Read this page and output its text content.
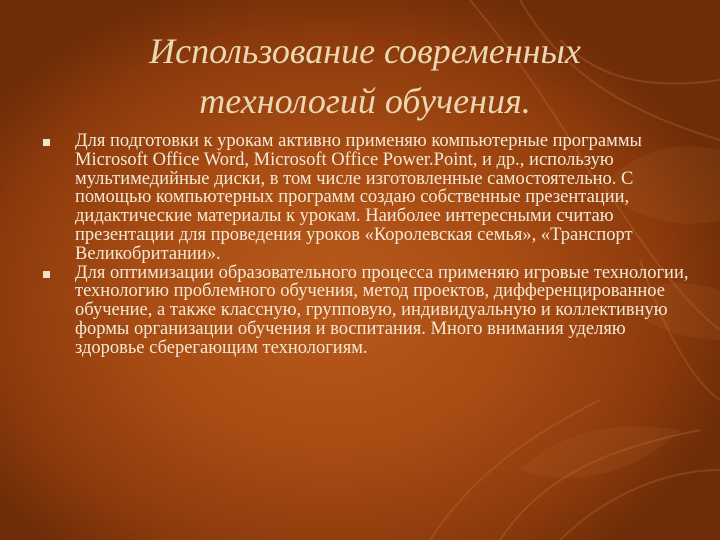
Использование современных
технологий обучения.
Для подготовки к урокам активно применяю компьютерные программы Microsoft Office Word, Microsoft Office Power.Point, и др., использую мультимедийные диски, в том числе изготовленные самостоятельно. С помощью компьютерных программ создаю собственные презентации, дидактические материалы к урокам. Наиболее интересными считаю презентации для проведения уроков «Королевская семья», «Транспорт Великобритании».
Для оптимизации образовательного процесса применяю игровые технологии, технологию проблемного обучения, метод проектов, дифференцированное обучение, а также классную, групповую, индивидуальную и коллективную формы организации обучения и воспитания. Много внимания уделяю здоровье сберегающим технологиям.
